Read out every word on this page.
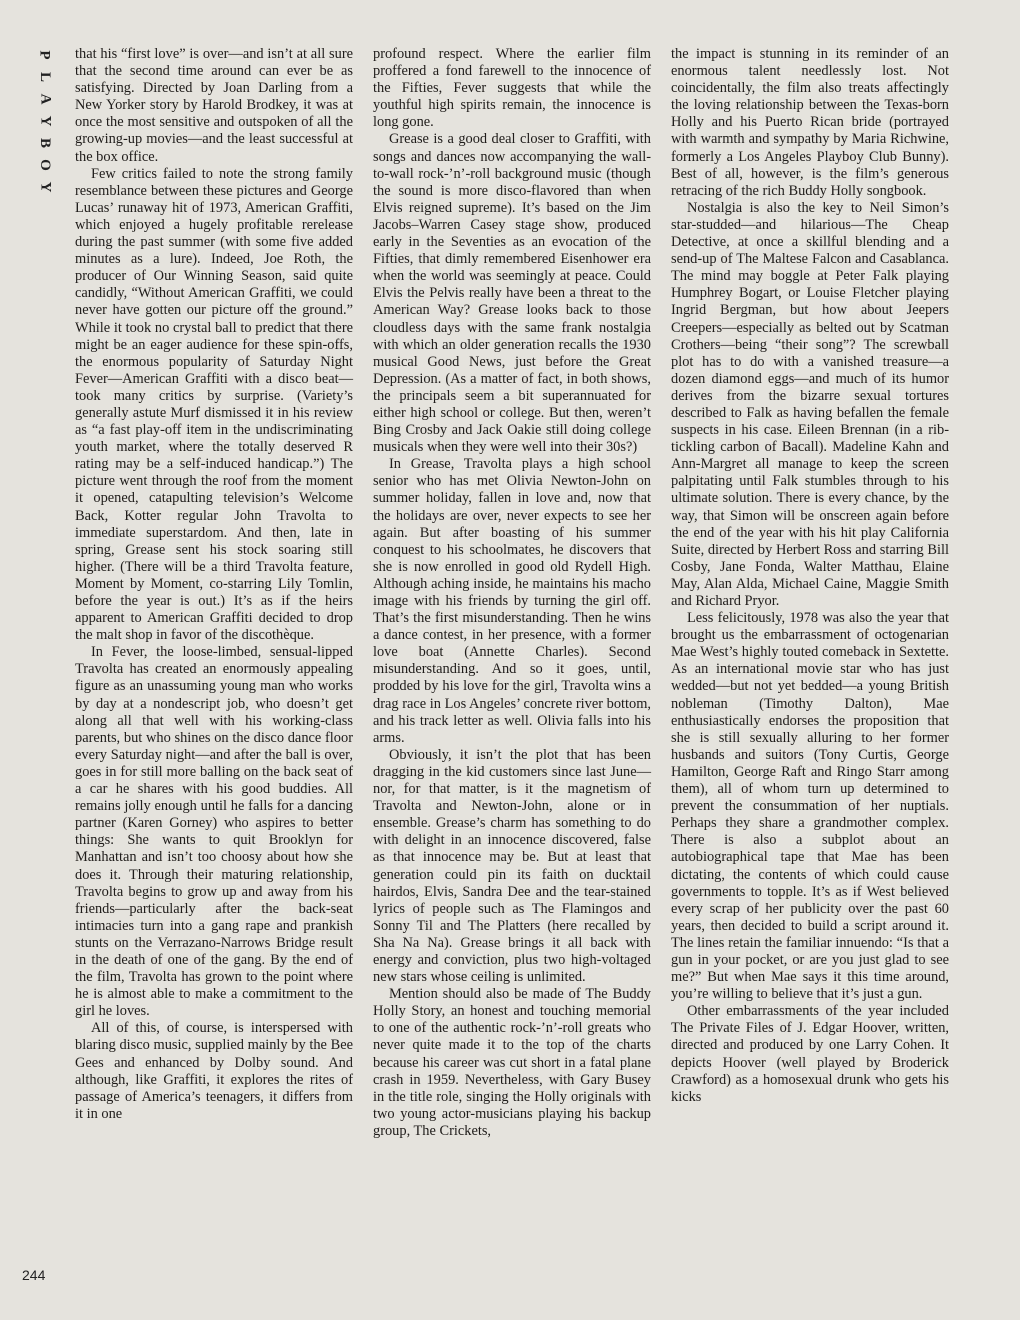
P
L
A
Y
B
O
Y

that his “first love” is over—and isn’t at all sure that the second time around can ever be as satisfying. Directed by Joan Darling from a New Yorker story by Harold Brodkey, it was at once the most sensitive and outspoken of all the growing-up movies—and the least successful at the box office.

Few critics failed to note the strong family resemblance between these pictures and George Lucas’ runaway hit of 1973, American Graffiti, which enjoyed a hugely profitable rerelease during the past summer (with some five added minutes as a lure). Indeed, Joe Roth, the producer of Our Winning Season, said quite candidly, “Without American Graffiti, we could never have gotten our picture off the ground.” While it took no crystal ball to predict that there might be an eager audience for these spin-offs, the enormous popularity of Saturday Night Fever—American Graffiti with a disco beat—took many critics by surprise. (Variety’s generally astute Murf dismissed it in his review as “a fast play-off item in the undiscriminating youth market, where the totally deserved R rating may be a self-induced handicap.”) The picture went through the roof from the moment it opened, catapulting television’s Welcome Back, Kotter regular John Travolta to immediate superstardom. And then, late in spring, Grease sent his stock soaring still higher. (There will be a third Travolta feature, Moment by Moment, co-starring Lily Tomlin, before the year is out.) It’s as if the heirs apparent to American Graffiti decided to drop the malt shop in favor of the discothèque.

In Fever, the loose-limbed, sensual-lipped Travolta has created an enormously appealing figure as an unassuming young man who works by day at a nondescript job, who doesn’t get along all that well with his working-class parents, but who shines on the disco dance floor every Saturday night—and after the ball is over, goes in for still more balling on the back seat of a car he shares with his good buddies. All remains jolly enough until he falls for a dancing partner (Karen Gorney) who aspires to better things: She wants to quit Brooklyn for Manhattan and isn’t too choosy about how she does it. Through their maturing relationship, Travolta begins to grow up and away from his friends—particularly after the back-seat intimacies turn into a gang rape and prankish stunts on the Verrazano-Narrows Bridge result in the death of one of the gang. By the end of the film, Travolta has grown to the point where he is almost able to make a commitment to the girl he loves.

All of this, of course, is interspersed with blaring disco music, supplied mainly by the Bee Gees and enhanced by Dolby sound. And although, like Graffiti, it explores the rites of passage of America’s teenagers, it differs from it in one

profound respect. Where the earlier film proffered a fond farewell to the innocence of the Fifties, Fever suggests that while the youthful high spirits remain, the innocence is long gone.

Grease is a good deal closer to Graffiti, with songs and dances now accompanying the wall-to-wall rock-’n’-roll background music (though the sound is more disco-flavored than when Elvis reigned supreme). It’s based on the Jim Jacobs–Warren Casey stage show, produced early in the Seventies as an evocation of the Fifties, that dimly remembered Eisenhower era when the world was seemingly at peace. Could Elvis the Pelvis really have been a threat to the American Way? Grease looks back to those cloudless days with the same frank nostalgia with which an older generation recalls the 1930 musical Good News, just before the Great Depression. (As a matter of fact, in both shows, the principals seem a bit superannuated for either high school or college. But then, weren’t Bing Crosby and Jack Oakie still doing college musicals when they were well into their 30s?)

In Grease, Travolta plays a high school senior who has met Olivia Newton-John on summer holiday, fallen in love and, now that the holidays are over, never expects to see her again. But after boasting of his summer conquest to his schoolmates, he discovers that she is now enrolled in good old Rydell High. Although aching inside, he maintains his macho image with his friends by turning the girl off. That’s the first misunderstanding. Then he wins a dance contest, in her presence, with a former love boat (Annette Charles). Second misunderstanding. And so it goes, until, prodded by his love for the girl, Travolta wins a drag race in Los Angeles’ concrete river bottom, and his track letter as well. Olivia falls into his arms.

Obviously, it isn’t the plot that has been dragging in the kid customers since last June—nor, for that matter, is it the magnetism of Travolta and Newton-John, alone or in ensemble. Grease’s charm has something to do with delight in an innocence discovered, false as that innocence may be. But at least that generation could pin its faith on ducktail hairdos, Elvis, Sandra Dee and the tear-stained lyrics of people such as The Flamingos and Sonny Til and The Platters (here recalled by Sha Na Na). Grease brings it all back with energy and conviction, plus two high-voltaged new stars whose ceiling is unlimited.

Mention should also be made of The Buddy Holly Story, an honest and touching memorial to one of the authentic rock-’n’-roll greats who never quite made it to the top of the charts because his career was cut short in a fatal plane crash in 1959. Nevertheless, with Gary Busey in the title role, singing the Holly originals with two young actor-musicians playing his backup group, The Crickets,

the impact is stunning in its reminder of an enormous talent needlessly lost. Not coincidentally, the film also treats affectingly the loving relationship between the Texas-born Holly and his Puerto Rican bride (portrayed with warmth and sympathy by Maria Richwine, formerly a Los Angeles Playboy Club Bunny). Best of all, however, is the film’s generous retracing of the rich Buddy Holly songbook.

Nostalgia is also the key to Neil Simon’s star-studded—and hilarious—The Cheap Detective, at once a skillful blending and a send-up of The Maltese Falcon and Casablanca. The mind may boggle at Peter Falk playing Humphrey Bogart, or Louise Fletcher playing Ingrid Bergman, but how about Jeepers Creepers—especially as belted out by Scatman Crothers—being “their song”? The screwball plot has to do with a vanished treasure—a dozen diamond eggs—and much of its humor derives from the bizarre sexual tortures described to Falk as having befallen the female suspects in his case. Eileen Brennan (in a rib-tickling carbon of Bacall). Madeline Kahn and Ann-Margret all manage to keep the screen palpitating until Falk stumbles through to his ultimate solution. There is every chance, by the way, that Simon will be onscreen again before the end of the year with his hit play California Suite, directed by Herbert Ross and starring Bill Cosby, Jane Fonda, Walter Matthau, Elaine May, Alan Alda, Michael Caine, Maggie Smith and Richard Pryor.

Less felicitously, 1978 was also the year that brought us the embarrassment of octogenarian Mae West’s highly touted comeback in Sextette. As an international movie star who has just wedded—but not yet bedded—a young British nobleman (Timothy Dalton), Mae enthusiastically endorses the proposition that she is still sexually alluring to her former husbands and suitors (Tony Curtis, George Hamilton, George Raft and Ringo Starr among them), all of whom turn up determined to prevent the consummation of her nuptials. Perhaps they share a grandmother complex. There is also a subplot about an autobiographical tape that Mae has been dictating, the contents of which could cause governments to topple. It’s as if West believed every scrap of her publicity over the past 60 years, then decided to build a script around it. The lines retain the familiar innuendo: “Is that a gun in your pocket, or are you just glad to see me?” But when Mae says it this time around, you’re willing to believe that it’s just a gun.

Other embarrassments of the year included The Private Files of J. Edgar Hoover, written, directed and produced by one Larry Cohen. It depicts Hoover (well played by Broderick Crawford) as a homosexual drunk who gets his kicks

244
